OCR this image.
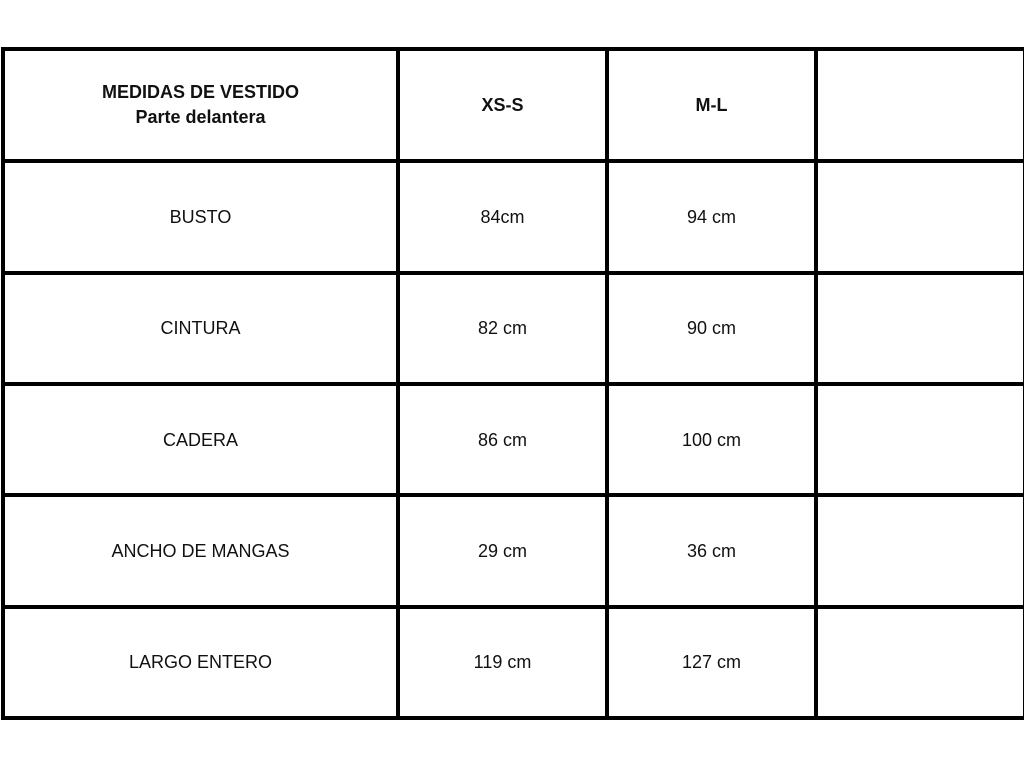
MEDIDAS DE VESTIDO
Parte delantera	XS-S	M-L	
BUSTO	84cm	94 cm	
CINTURA	82 cm	90 cm	
CADERA	86 cm	100 cm	
ANCHO DE MANGAS	29 cm	36 cm	
LARGO ENTERO	119 cm	127 cm	
